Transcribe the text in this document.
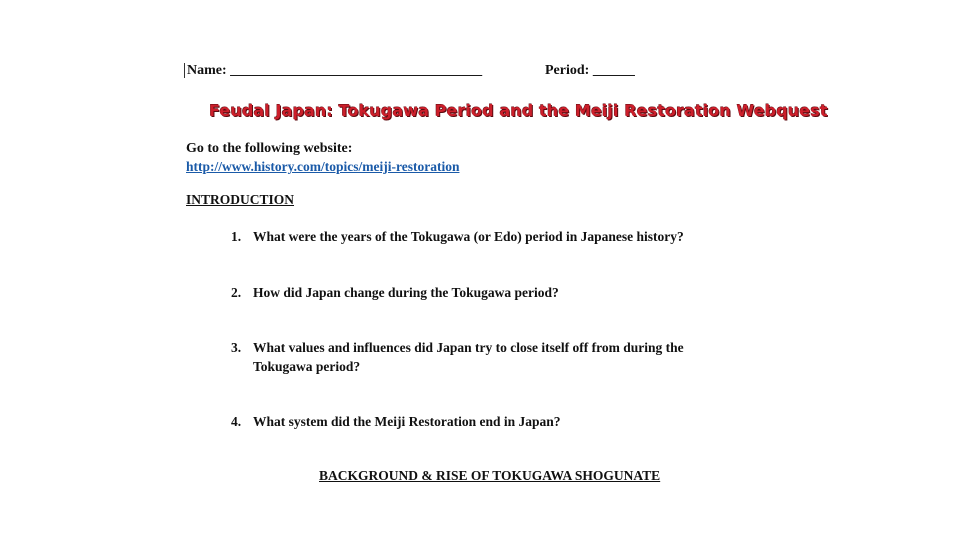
Name: ____________________________________	Period: ______
Feudal Japan: Tokugawa Period and the Meiji Restoration Webquest
Go to the following website:
http://www.history.com/topics/meiji-restoration
INTRODUCTION
1. What were the years of the Tokugawa (or Edo) period in Japanese history?
2. How did Japan change during the Tokugawa period?
3. What values and influences did Japan try to close itself off from during the
Tokugawa period?
4. What system did the Meiji Restoration end in Japan?
BACKGROUND & RISE OF TOKUGAWA SHOGUNATE
